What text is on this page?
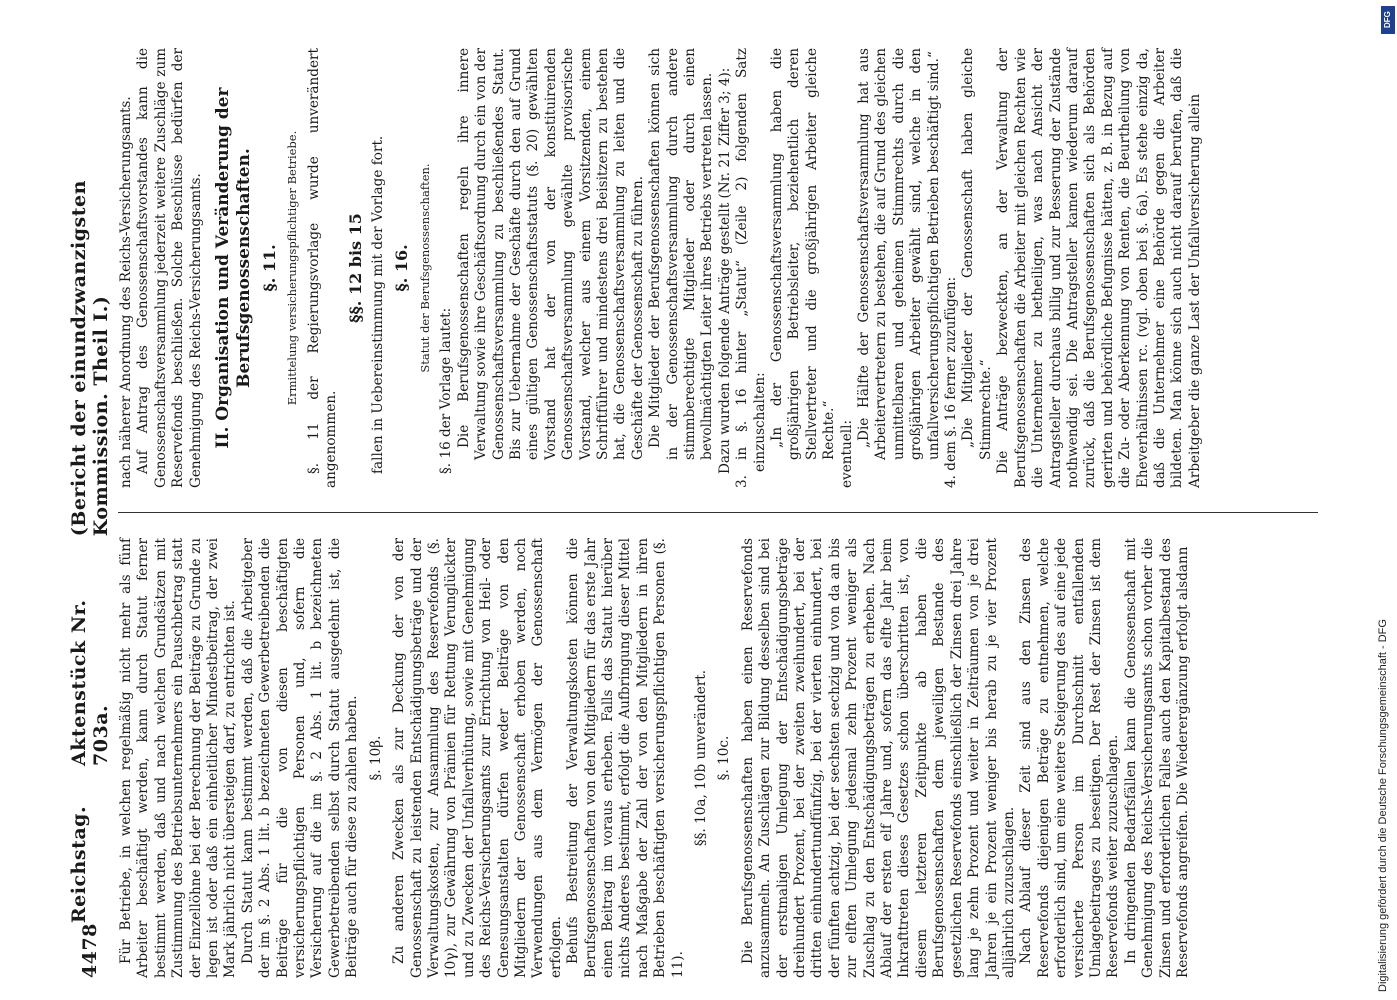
4478
Reichstag.
Aktenstück Nr. 703a.
(Bericht der einundzwanzigsten Kommission. Theil I.)

Für Betriebe, in welchen regelmäßig nicht mehr als fünf Arbeiter beschäftigt werden, kann durch Statut ferner bestimmt werden, daß und nach welchen Grundsätzen mit Zustimmung des Betriebsunternehmers ein Pauschbetrag statt der Einzellöhne bei der Berechnung der Beiträge zu Grunde zu legen ist oder daß ein einheitlicher Mindestbeitrag, der zwei Mark jährlich nicht übersteigen darf, zu entrichten ist. Durch Statut kann bestimmt werden, daß die Arbeitgeber der im §. 2 Abs. 1 lit. b bezeichneten Gewerbetreibenden die Beiträge für die von diesen beschäftigten versicherungspflichtigen Personen und, sofern die Versicherung auf die im §. 2 Abs. 1 lit. b bezeichneten Gewerbetreibenden selbst durch Statut ausgedehnt ist, die Beiträge auch für diese zu zahlen haben. §. 10β. Zu anderen Zwecken als zur Deckung der von der Genossenschaft zu leistenden Entschädigungsbeträge und der Verwaltungskosten, zur Ansammlung des Reservefonds (§. 10γ), zur Gewährung von Prämien für Rettung Verunglückter und zu Zwecken der Unfallverhütung, sowie mit Genehmigung des Reichs-Versicherungsamts zur Errichtung von Heil- oder Genesungsanstalten dürfen weder Beiträge von den Mitgliedern der Genossenschaft erhoben werden, noch Verwendungen aus dem Vermögen der Genossenschaft erfolgen. Behufs Bestreitung der Verwaltungskosten können die Berufsgenossenschaften von den Mitgliedern für das erste Jahr einen Beitrag im voraus erheben. Falls das Statut hierüber nichts Anderes bestimmt, erfolgt die Aufbringung dieser Mittel nach Maßgabe der Zahl der von den Mitgliedern in ihren Betrieben beschäftigten versicherungspflichtigen Personen (§. 11).

§§. 10a, 10b unverändert. §. 10c. Die Berufsgenossenschaften haben einen Reservefonds anzusammeln. An Zuschlägen zur Bildung desselben sind bei der erstmaligen Umlegung der Entschädigungsbeträge dreihundert Prozent, bei der zweiten zweihundert, bei der dritten einhundertundfünfzig, bei der vierten einhundert, bei der fünften achtzig, bei der sechsten sechzig und von da an bis zur elften Umlegung jedesmal zehn Prozent weniger als Zuschlag zu den Entschädigungsbeträgen zu erheben. Nach Ablauf der ersten elf Jahre und, sofern das elfte Jahr beim Inkrafttreten dieses Gesetzes schon überschritten ist, von diesem letzteren Zeitpunkte ab haben die Berufsgenossenschaften dem jeweiligen Bestande des gesetzlichen Reservefonds einschließlich der Zinsen drei Jahre lang je zehn Prozent und weiter in Zeiträumen von je drei Jahren je ein Prozent weniger bis herab zu je vier Prozent alljährlich zuzuschlagen. Nach Ablauf dieser Zeit sind aus den Zinsen des Reservefonds diejenigen Beträge zu entnehmen, welche erforderlich sind, um eine weitere Steigerung des auf eine jede versicherte Person im Durchschnitt entfallenden Umlagebeitrages zu beseitigen. Der Rest der Zinsen ist dem Reservefonds weiter zuzuschlagen. In dringenden Bedarfsfällen kann die Genossenschaft mit Genehmigung des Reichs-Versicherungsamts schon vorher die Zinsen und erforderlichen Falles auch den Kapitalbestand des Reservefonds angreifen. Die Wiederergänzung erfolgt alsdann

nach näherer Anordnung des Reichs-Versicherungsamts. Auf Antrag des Genossenschaftsvorstandes kann die Genossenschaftsversammlung jederzeit weitere Zuschläge zum Reservefonds beschließen. Solche Beschlüsse bedürfen der Genehmigung des Reichs-Versicherungsamts. II. Organisation und Veränderung der Berufsgenossenschaften. §. 11. Ermittelung versicherungspflichtiger Betriebe. §. 11 der Regierungsvorlage wurde unverändert angenommen.

§§. 12 bis 15 fallen in Uebereinstimmung mit der Vorlage fort. §. 16. Statut der Berufsgenossenschaften.

§. 16 der Vorlage lautet: Die Berufsgenossenschaften regeln ihre innere Verwaltung sowie ihre Geschäftsordnung durch ein von der Genossenschaftsversammlung zu beschließendes Statut. Bis zur Uebernahme der Geschäfte durch den auf Grund eines gültigen Genossenschaftsstatuts (§. 20) gewählten Vorstand hat der von der konstituirenden Genossenschaftsversammlung gewählte provisorische Vorstand, welcher aus einem Vorsitzenden, einem Schriftführer und mindestens drei Beisitzern zu bestehen hat, die Genossenschaftsversammlung zu leiten und die Geschäfte der Genossenschaft zu führen. Die Mitglieder der Berufsgenossenschaften können sich in der Genossenschaftsversammlung durch andere stimmberechtigte Mitglieder oder durch einen bevollmächtigten Leiter ihres Betriebs vertreten lassen. Dazu wurden folgende Anträge gestellt (Nr. 21 Ziffer 3; 4): 3. in §. 16 hinter „Statut“ (Zeile 2) folgenden Satz einzuschalten: „In der Genossenschaftsversammlung haben die großjährigen Betriebsleiter, beziehentlich deren Stellvertreter und die großjährigen Arbeiter gleiche Rechte.“ eventuell:

„Die Hälfte der Genossenschaftsversammlung hat aus Arbeitervertretern zu bestehen, die auf Grund des gleichen unmittelbaren und geheimen Stimmrechts durch die großjährigen Arbeiter gewählt sind, welche in den unfallversicherungspflichtigen Betrieben beschäftigt sind.“ 4. dem §. 16 ferner zuzufügen: „Die Mitglieder der Genossenschaft haben gleiche Stimmrechte.“ Die Anträge bezweckten, an der Verwaltung der Berufsgenossenschaften die Arbeiter mit gleichen Rechten wie die Unternehmer zu betheiligen, was nach Ansicht der Antragsteller durchaus billig und zur Besserung der Zustände nothwendig sei. Die Antragsteller kamen wiederum darauf zurück, daß die Berufsgenossenschaften sich als Behörden gerirten und behördliche Befugnisse hätten, z. B. in Bezug auf die Zu- oder Aberkennung von Renten, die Beurtheilung von Eheverhältnissen rc. (vgl. oben bei §. 6a). Es stehe einzig da, daß die Unternehmer eine Behörde gegen die Arbeiter bildeten. Man könne sich auch nicht darauf berufen, daß die Arbeitgeber die ganze Last der Unfallversicherung allein

Digitalisierung gefördert durch die Deutsche Forschungsgemeinschaft - DFG
DFG
